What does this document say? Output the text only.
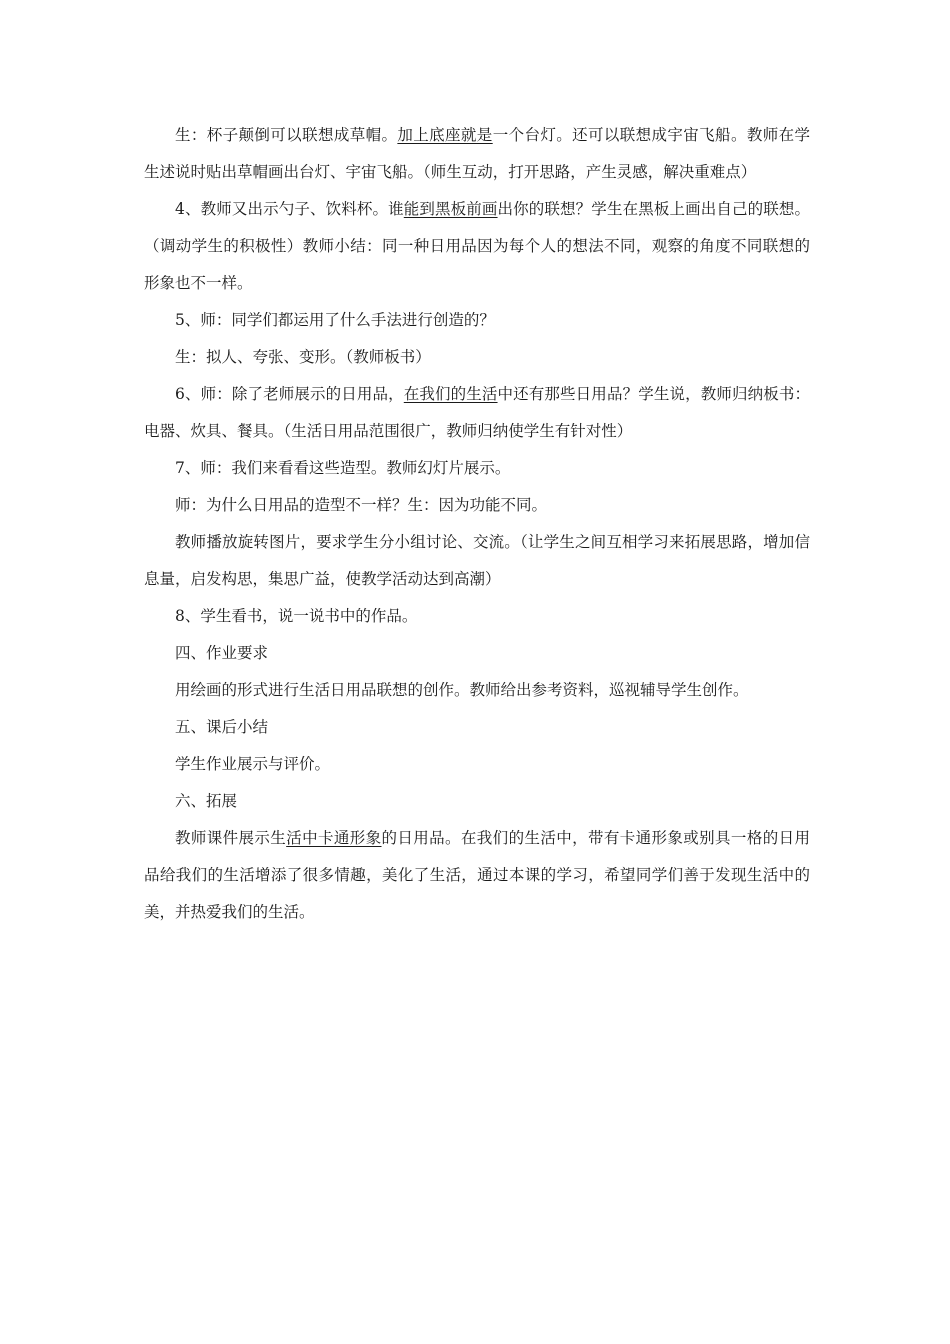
生：杯子颠倒可以联想成草帽。加上底座就是一个台灯。还可以联想成宇宙飞船。教师在学生述说时贴出草帽画出台灯、宇宙飞船。（师生互动，打开思路，产生灵感，解决重难点）

4、教师又出示勺子、饮料杯。谁能到黑板前画出你的联想？学生在黑板上画出自己的联想。（调动学生的积极性）教师小结：同一种日用品因为每个人的想法不同，观察的角度不同联想的形象也不一样。

5、师：同学们都运用了什么手法进行创造的？

生：拟人、夸张、变形。（教师板书）

6、师：除了老师展示的日用品，在我们的生活中还有那些日用品？学生说，教师归纳板书：电器、炊具、餐具。（生活日用品范围很广，教师归纳使学生有针对性）

7、师：我们来看看这些造型。教师幻灯片展示。

师：为什么日用品的造型不一样？生：因为功能不同。

教师播放旋转图片，要求学生分小组讨论、交流。（让学生之间互相学习来拓展思路，增加信息量，启发构思，集思广益，使教学活动达到高潮）

8、学生看书，说一说书中的作品。

四、作业要求

用绘画的形式进行生活日用品联想的创作。教师给出参考资料，巡视辅导学生创作。

五、课后小结

学生作业展示与评价。

六、拓展

教师课件展示生活中卡通形象的日用品。在我们的生活中，带有卡通形象或别具一格的日用品给我们的生活增添了很多情趣，美化了生活，通过本课的学习，希望同学们善于发现生活中的美，并热爱我们的生活。
